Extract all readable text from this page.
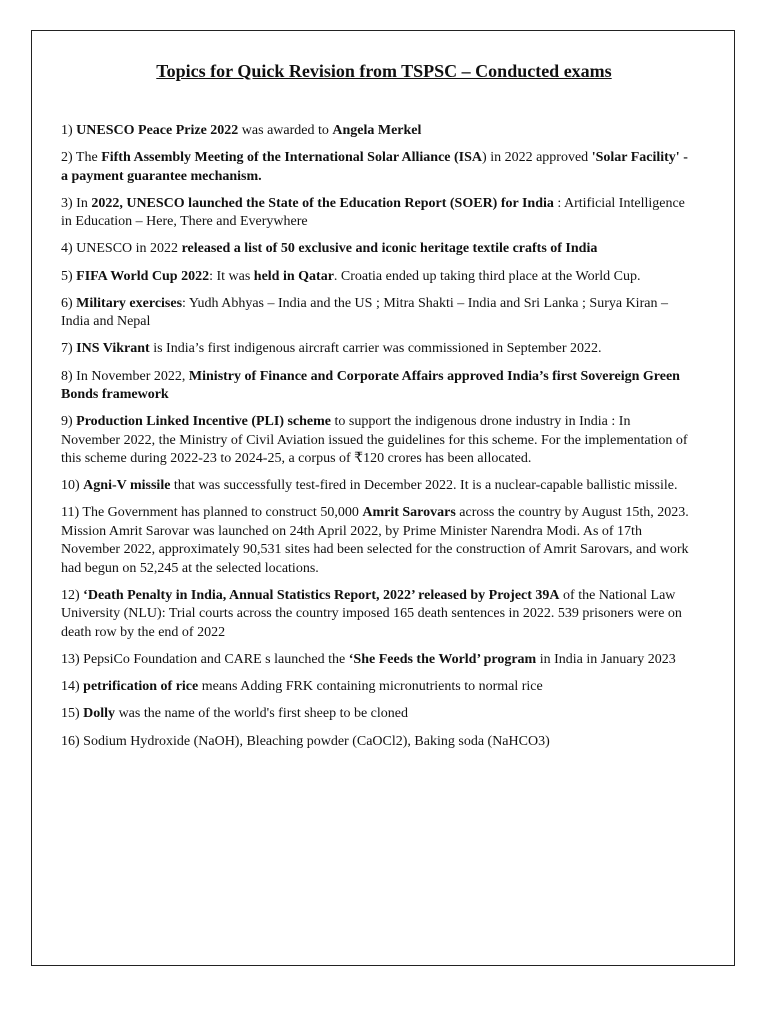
Topics for Quick Revision from TSPSC – Conducted exams

1) UNESCO Peace Prize 2022 was awarded to Angela Merkel

2) The Fifth Assembly Meeting of the International Solar Alliance (ISA) in 2022 approved 'Solar Facility' - a payment guarantee mechanism.

3) In 2022, UNESCO launched the State of the Education Report (SOER) for India : Artificial Intelligence in Education – Here, There and Everywhere

4) UNESCO in 2022 released a list of 50 exclusive and iconic heritage textile crafts of India

5) FIFA World Cup 2022: It was held in Qatar. Croatia ended up taking third place at the World Cup.

6) Military exercises: Yudh Abhyas – India and the US ; Mitra Shakti – India and Sri Lanka ; Surya Kiran – India and Nepal

7) INS Vikrant is India’s first indigenous aircraft carrier was commissioned in September 2022.

8) In November 2022, Ministry of Finance and Corporate Affairs approved India’s first Sovereign Green Bonds framework

9) Production Linked Incentive (PLI) scheme to support the indigenous drone industry in India : In November 2022, the Ministry of Civil Aviation issued the guidelines for this scheme. For the implementation of this scheme during 2022-23 to 2024-25, a corpus of ₹120 crores has been allocated.

10) Agni-V missile that was successfully test-fired in December 2022. It is a nuclear-capable ballistic missile.

11) The Government has planned to construct 50,000 Amrit Sarovars across the country by August 15th, 2023. Mission Amrit Sarovar was launched on 24th April 2022, by Prime Minister Narendra Modi. As of 17th November 2022, approximately 90,531 sites had been selected for the construction of Amrit Sarovars, and work had begun on 52,245 at the selected locations.

12) ‘Death Penalty in India, Annual Statistics Report, 2022’ released by Project 39A of the National Law University (NLU): Trial courts across the country imposed 165 death sentences in 2022. 539 prisoners were on death row by the end of 2022

13) PepsiCo Foundation and CARE s launched the ‘She Feeds the World’ program in India in January 2023

14) petrification of rice means Adding FRK containing micronutrients to normal rice

15) Dolly was the name of the world's first sheep to be cloned

16) Sodium Hydroxide (NaOH), Bleaching powder (CaOCl2), Baking soda (NaHCO3)
